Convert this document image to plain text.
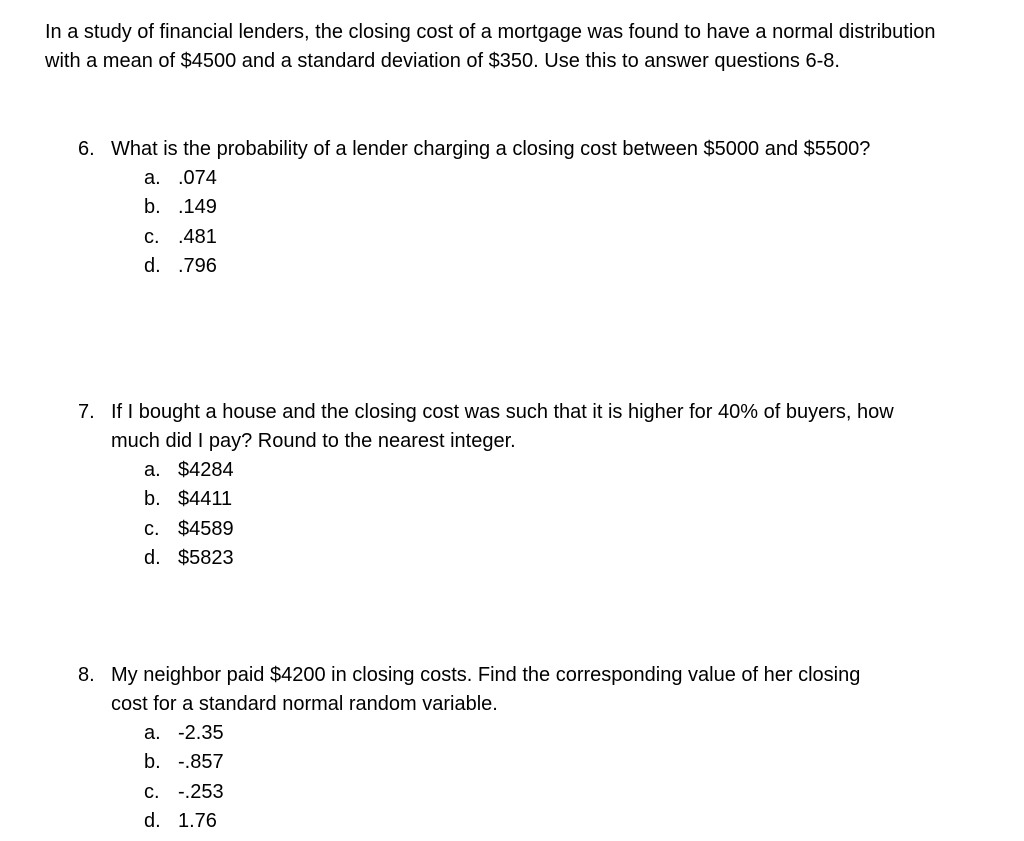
In a study of financial lenders, the closing cost of a mortgage was found to have a normal distribution with a mean of $4500 and a standard deviation of $350. Use this to answer questions 6-8.

6. What is the probability of a lender charging a closing cost between $5000 and $5500?
a. .074
b. .149
c. .481
d. .796
7. If I bought a house and the closing cost was such that it is higher for 40% of buyers, how much did I pay? Round to the nearest integer.
a. $4284
b. $4411
c. $4589
d. $5823
8. My neighbor paid $4200 in closing costs. Find the corresponding value of her closing cost for a standard normal random variable.
a. -2.35
b. -.857
c. -.253
d. 1.76
